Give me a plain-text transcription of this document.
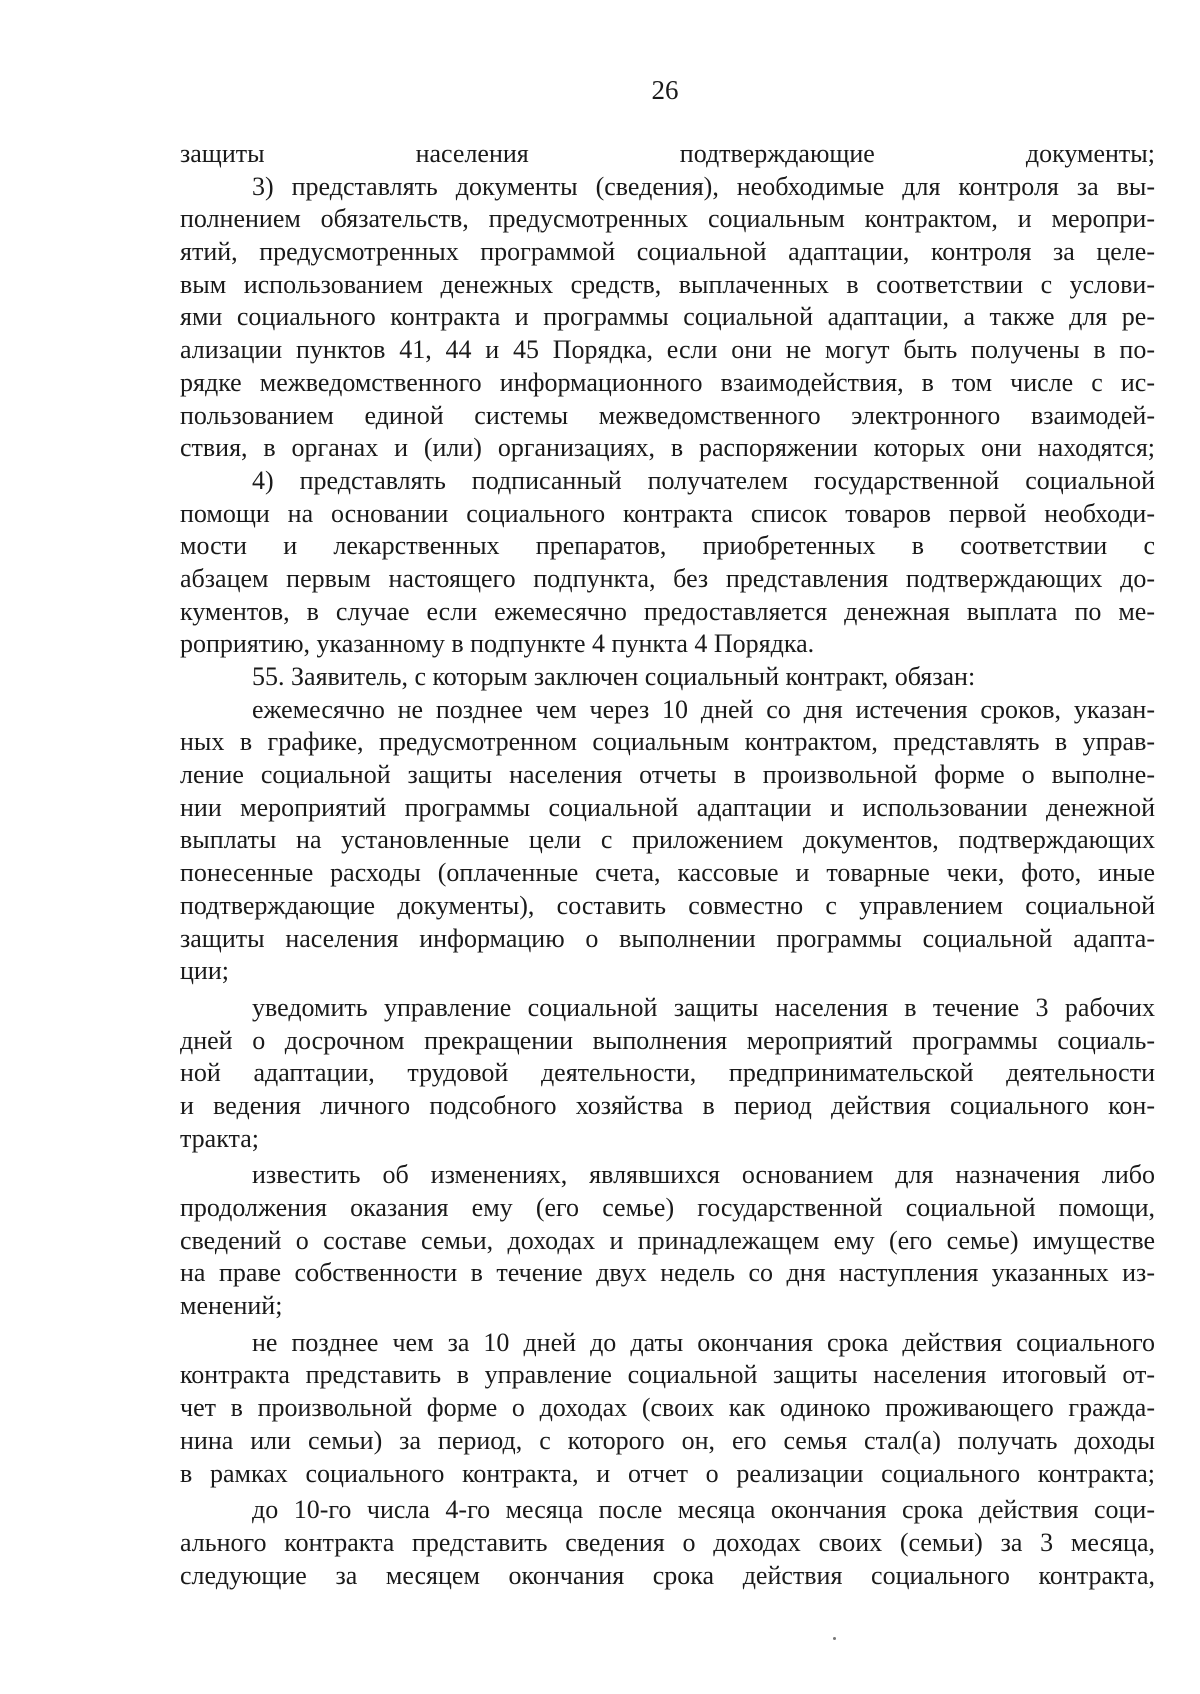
26
защиты населения подтверждающие документы;
3) представлять документы (сведения), необходимые для контроля за вы-
полнением обязательств, предусмотренных социальным контрактом, и меропри-
ятий, предусмотренных программой социальной адаптации, контроля за целе-
вым использованием денежных средств, выплаченных в соответствии с услови-
ями социального контракта и программы социальной адаптации, а также для ре-
ализации пунктов 41, 44 и 45 Порядка, если они не могут быть получены в по-
рядке межведомственного информационного взаимодействия, в том числе с ис-
пользованием единой системы межведомственного электронного взаимодей-
ствия, в органах и (или) организациях, в распоряжении которых они находятся;
4) представлять подписанный получателем государственной социальной
помощи на основании социального контракта список товаров первой необходи-
мости и лекарственных препаратов, приобретенных в соответствии с
абзацем первым настоящего подпункта, без представления подтверждающих до-
кументов, в случае если ежемесячно предоставляется денежная выплата по ме-
роприятию, указанному в подпункте 4 пункта 4 Порядка.
55. Заявитель, с которым заключен социальный контракт, обязан:
ежемесячно не позднее чем через 10 дней со дня истечения сроков, указан-
ных в графике, предусмотренном социальным контрактом, представлять в управ-
ление социальной защиты населения отчеты в произвольной форме о выполне-
нии мероприятий программы социальной адаптации и использовании денежной
выплаты на установленные цели с приложением документов, подтверждающих
понесенные расходы (оплаченные счета, кассовые и товарные чеки, фото, иные
подтверждающие документы), составить совместно с управлением социальной
защиты населения информацию о выполнении программы социальной адапта-
ции;
уведомить управление социальной защиты населения в течение 3 рабочих
дней о досрочном прекращении выполнения мероприятий программы социаль-
ной адаптации, трудовой деятельности, предпринимательской деятельности
и ведения личного подсобного хозяйства в период действия социального кон-
тракта;
известить об изменениях, являвшихся основанием для назначения либо
продолжения оказания ему (его семье) государственной социальной помощи,
сведений о составе семьи, доходах и принадлежащем ему (его семье) имуществе
на праве собственности в течение двух недель со дня наступления указанных из-
менений;
не позднее чем за 10 дней до даты окончания срока действия социального
контракта представить в управление социальной защиты населения итоговый от-
чет в произвольной форме о доходах (своих как одиноко проживающего гражда-
нина или семьи) за период, с которого он, его семья стал(а) получать доходы
в рамках социального контракта, и отчет о реализации социального контракта;
до 10-го числа 4-го месяца после месяца окончания срока действия соци-
ального контракта представить сведения о доходах своих (семьи) за 3 месяца,
следующие за месяцем окончания срока действия социального контракта,
